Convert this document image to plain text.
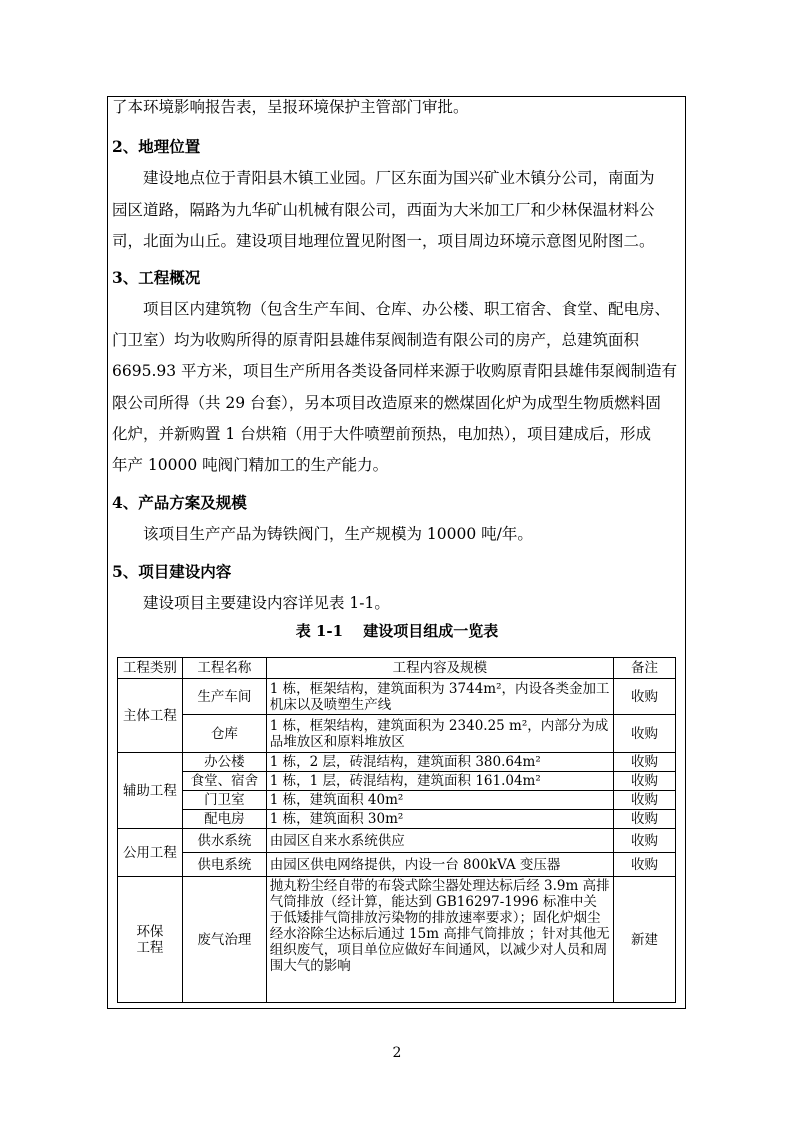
了本环境影响报告表，呈报环境保护主管部门审批。
2、地理位置
　　建设地点位于青阳县木镇工业园。厂区东面为国兴矿业木镇分公司，南面为
园区道路，隔路为九华矿山机械有限公司，西面为大米加工厂和少林保温材料公
司，北面为山丘。建设项目地理位置见附图一，项目周边环境示意图见附图二。
3、工程概况
　　项目区内建筑物（包含生产车间、仓库、办公楼、职工宿舍、食堂、配电房、
门卫室）均为收购所得的原青阳县雄伟泵阀制造有限公司的房产，总建筑面积
6695.93 平方米，项目生产所用各类设备同样来源于收购原青阳县雄伟泵阀制造有
限公司所得（共 29 台套），另本项目改造原来的燃煤固化炉为成型生物质燃料固
化炉，并新购置 1 台烘箱（用于大件喷塑前预热，电加热），项目建成后，形成
年产 10000 吨阀门精加工的生产能力。
4、产品方案及规模
　　该项目生产产品为铸铁阀门，生产规模为 10000 吨/年。
5、项目建设内容
　　建设项目主要建设内容详见表 1-1。
表 1-1　 建设项目组成一览表
工程类别	工程名称	工程内容及规模	备注
主体工程	生产车间	1 栋，框架结构，建筑面积为 3744m²，内设各类金加工机床以及喷塑生产线	收购
	仓库	1 栋，框架结构，建筑面积为 2340.25 m²，内部分为成品堆放区和原料堆放区	收购
辅助工程	办公楼	1 栋，2 层，砖混结构，建筑面积 380.64m²	收购
	食堂、宿舍	1 栋，1 层，砖混结构，建筑面积 161.04m²	收购
	门卫室	1 栋，建筑面积 40m²	收购
	配电房	1 栋，建筑面积 30m²	收购
公用工程	供水系统	由园区自来水系统供应	收购
	供电系统	由园区供电网络提供，内设一台 800kVA 变压器	收购
环保
工程	废气治理	抛丸粉尘经自带的布袋式除尘器处理达标后经 3.9m 高排气筒排放（经计算，能达到 GB16297-1996 标准中关于低矮排气筒排放污染物的排放速率要求）；固化炉烟尘经水浴除尘达标后通过 15m 高排气筒排放 ；针对其他无组织废气，项目单位应做好车间通风，以减少对人员和周围大气的影响	新建
2
